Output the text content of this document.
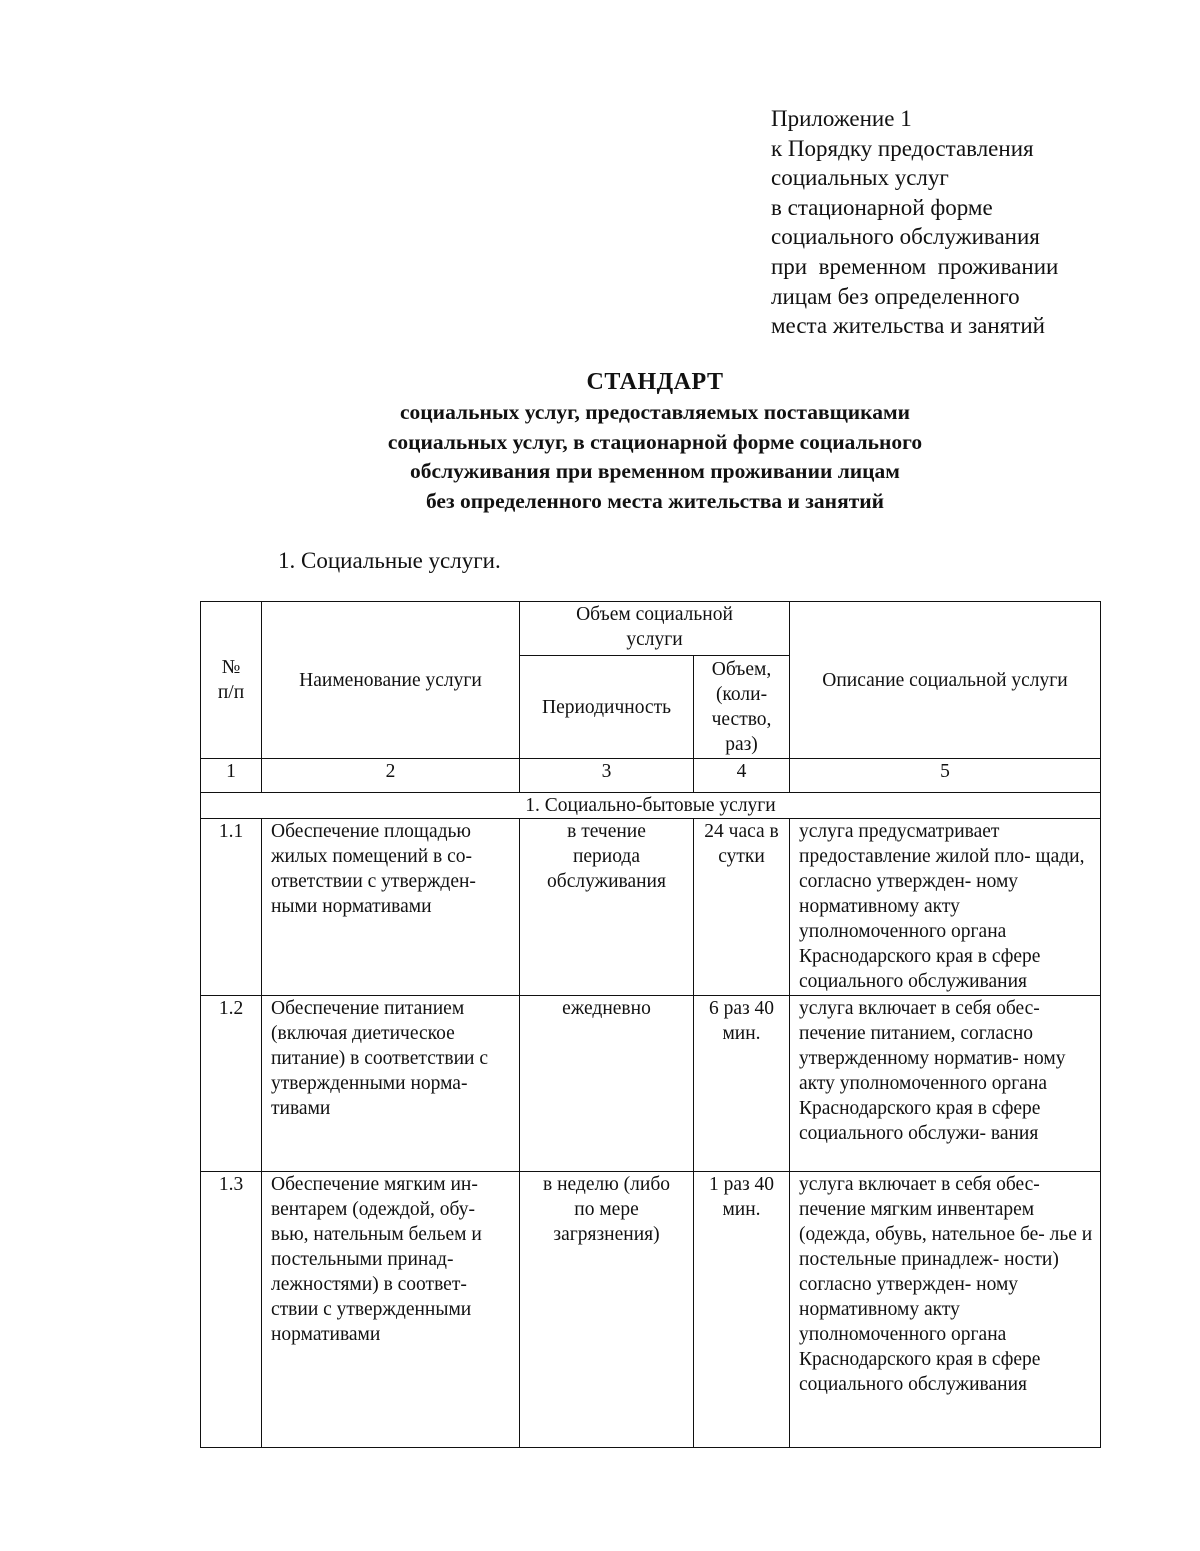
Приложение 1
к Порядку предоставления
социальных услуг
в стационарной форме
социального обслуживания
при  временном  проживании
лицам без определенного
места жительства и занятий
СТАНДАРТ
социальных услуг, предоставляемых поставщиками
социальных услуг, в стационарной форме социального
обслуживания при временном проживании лицам
без определенного места жительства и занятий
1. Социальные услуги.
№ п/п	Наименование услуги	Объем социальной услуги		Описание социальной услуги
		Периодичность	Объем, (коли- чество, раз)	
1	2	3	4	5
1. Социально-бытовые услуги				
1.1	Обеспечение площадью жилых помещений в со- ответствии с утвержден- ными нормативами	в течение периода обслуживания	24 часа в сутки	услуга предусматривает предоставление жилой пло- щади, согласно утвержден- ному нормативному акту уполномоченного органа Краснодарского края в сфере социального обслуживания
1.2	Обеспечение питанием (включая диетическое питание) в соответствии с утвержденными норма- тивами	ежедневно	6 раз 40 мин.	услуга включает в себя обес- печение питанием, согласно утвержденному норматив- ному акту уполномоченного органа Краснодарского края в сфере социального обслужи- вания
1.3	Обеспечение мягким ин- вентарем (одеждой, обу- вью, нательным бельем и постельными принад- лежностями) в соответ- ствии с утвержденными нормативами	в неделю (либо по мере загрязнения)	1 раз 40 мин.	услуга включает в себя обес- печение мягким инвентарем (одежда, обувь, нательное бе- лье и постельные принадлеж- ности) согласно утвержден- ному нормативному акту уполномоченного органа Краснодарского края в сфере социального обслуживания
